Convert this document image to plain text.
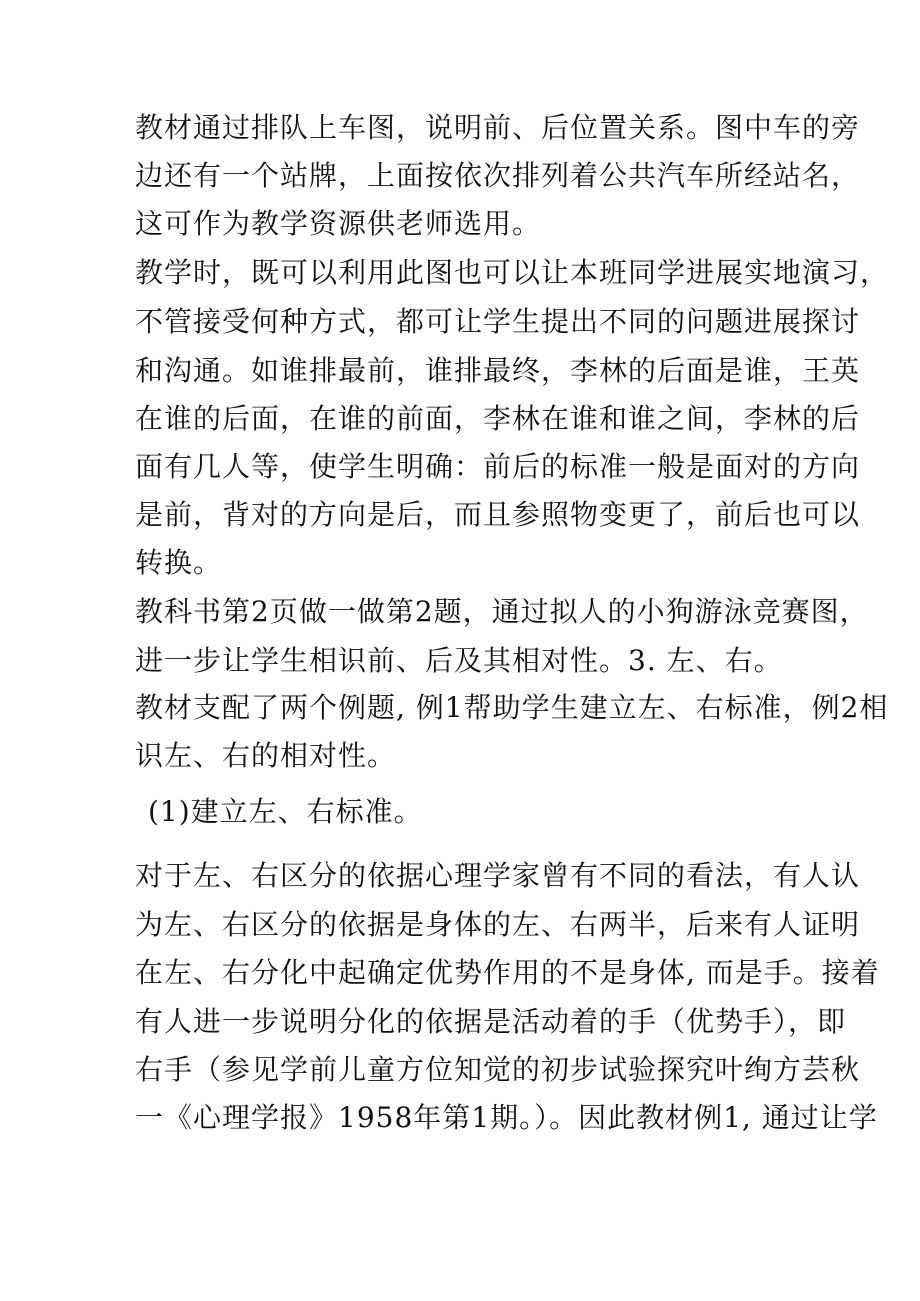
教材通过排队上车图，说明前、后位置关系。图中车的旁
边还有一个站牌，上面按依次排列着公共汽车所经站名，
这可作为教学资源供老师选用。
教学时，既可以利用此图也可以让本班同学进展实地演习，
不管接受何种方式，都可让学生提出不同的问题进展探讨
和沟通。如谁排最前，谁排最终，李林的后面是谁，王英
在谁的后面，在谁的前面，李林在谁和谁之间，李林的后
面有几人等，使学生明确：前后的标准一般是面对的方向
是前，背对的方向是后，而且参照物变更了，前后也可以
转换。
教科书第2页做一做第2题，通过拟人的小狗游泳竞赛图，
进一步让学生相识前、后及其相对性。3. 左、右。
教材支配了两个例题, 例1帮助学生建立左、右标准，例2相
识左、右的相对性。
(1)建立左、右标准。
对于左、右区分的依据心理学家曾有不同的看法，有人认
为左、右区分的依据是身体的左、右两半，后来有人证明
在左、右分化中起确定优势作用的不是身体, 而是手。接着
有人进一步说明分化的依据是活动着的手（优势手），即
右手（参见学前儿童方位知觉的初步试验探究叶绚方芸秋
一《心理学报》1958年第1期。）。因此教材例1, 通过让学
